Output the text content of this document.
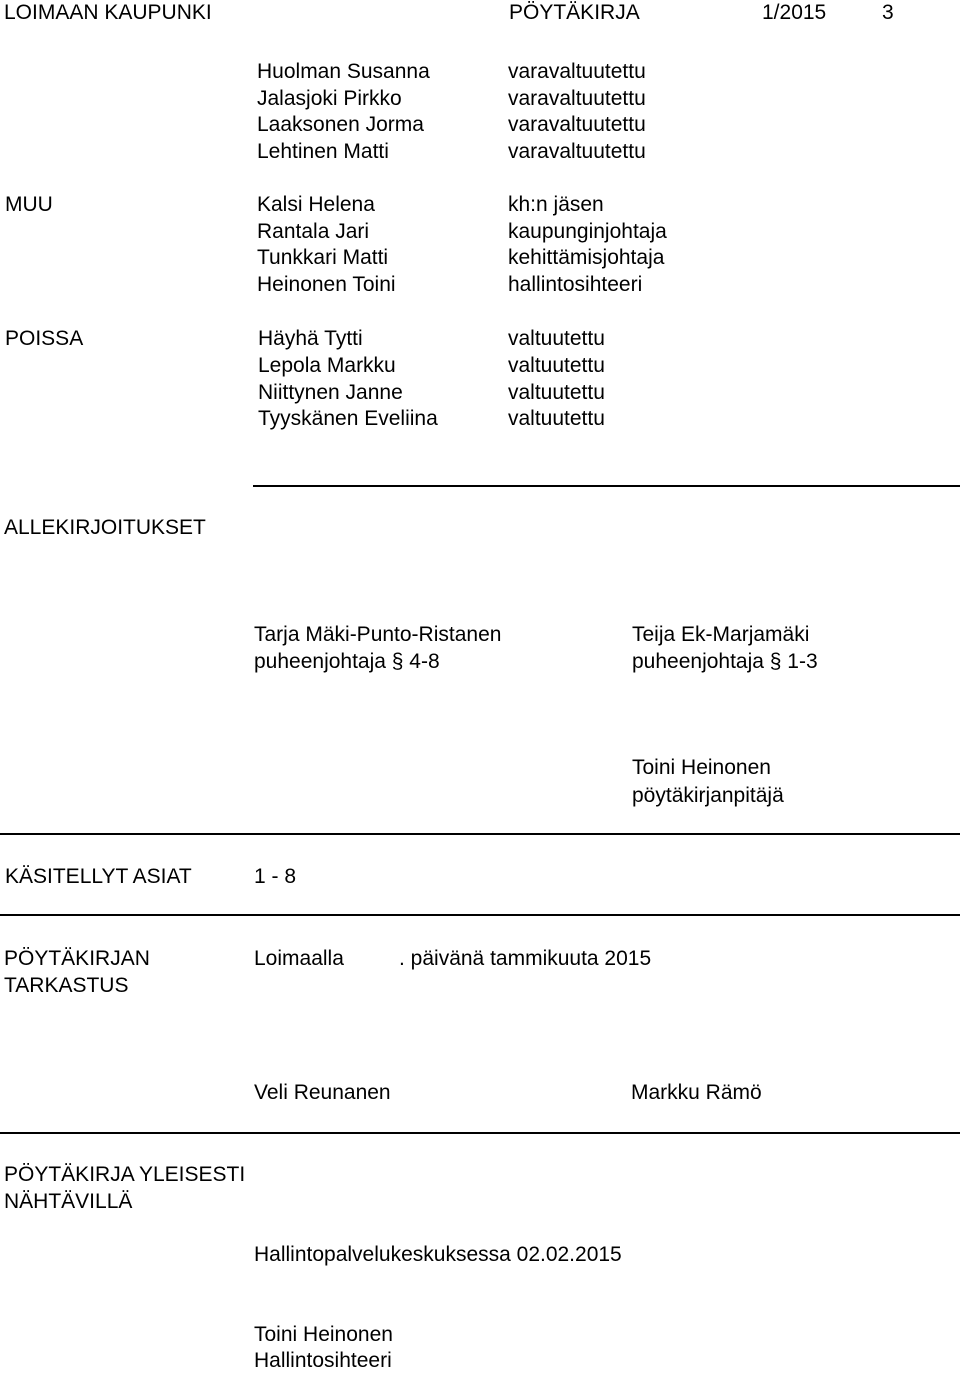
LOIMAAN KAUPUNKI	PÖYTÄKIRJA	1/2015	3
Huolman Susanna	varavaltuutettu
Jalasjoki Pirkko	varavaltuutettu
Laaksonen Jorma	varavaltuutettu
Lehtinen Matti	varavaltuutettu
MUU	Kalsi Helena	kh:n jäsen
Rantala Jari	kaupunginjohtaja
Tunkkari Matti	kehittämisjohtaja
Heinonen Toini	hallintosihteeri
POISSA	Häyhä Tytti	valtuutettu
Lepola Markku	valtuutettu
Niittynen Janne	valtuutettu
Tyyskänen Eveliina	valtuutettu
ALLEKIRJOITUKSET
Tarja Mäki-Punto-Ristanen
puheenjohtaja § 4-8
Teija Ek-Marjamäki
puheenjohtaja § 1-3
Toini Heinonen
pöytäkirjanpitäjä
KÄSITELLYT ASIAT	1 - 8
PÖYTÄKIRJAN
TARKASTUS
Loimaalla	. päivänä tammikuuta 2015
Veli Reunanen	Markku Rämö
PÖYTÄKIRJA YLEISESTI
NÄHTÄVILLÄ
Hallintopalvelukeskuksessa 02.02.2015
Toini Heinonen
Hallintosihteeri
